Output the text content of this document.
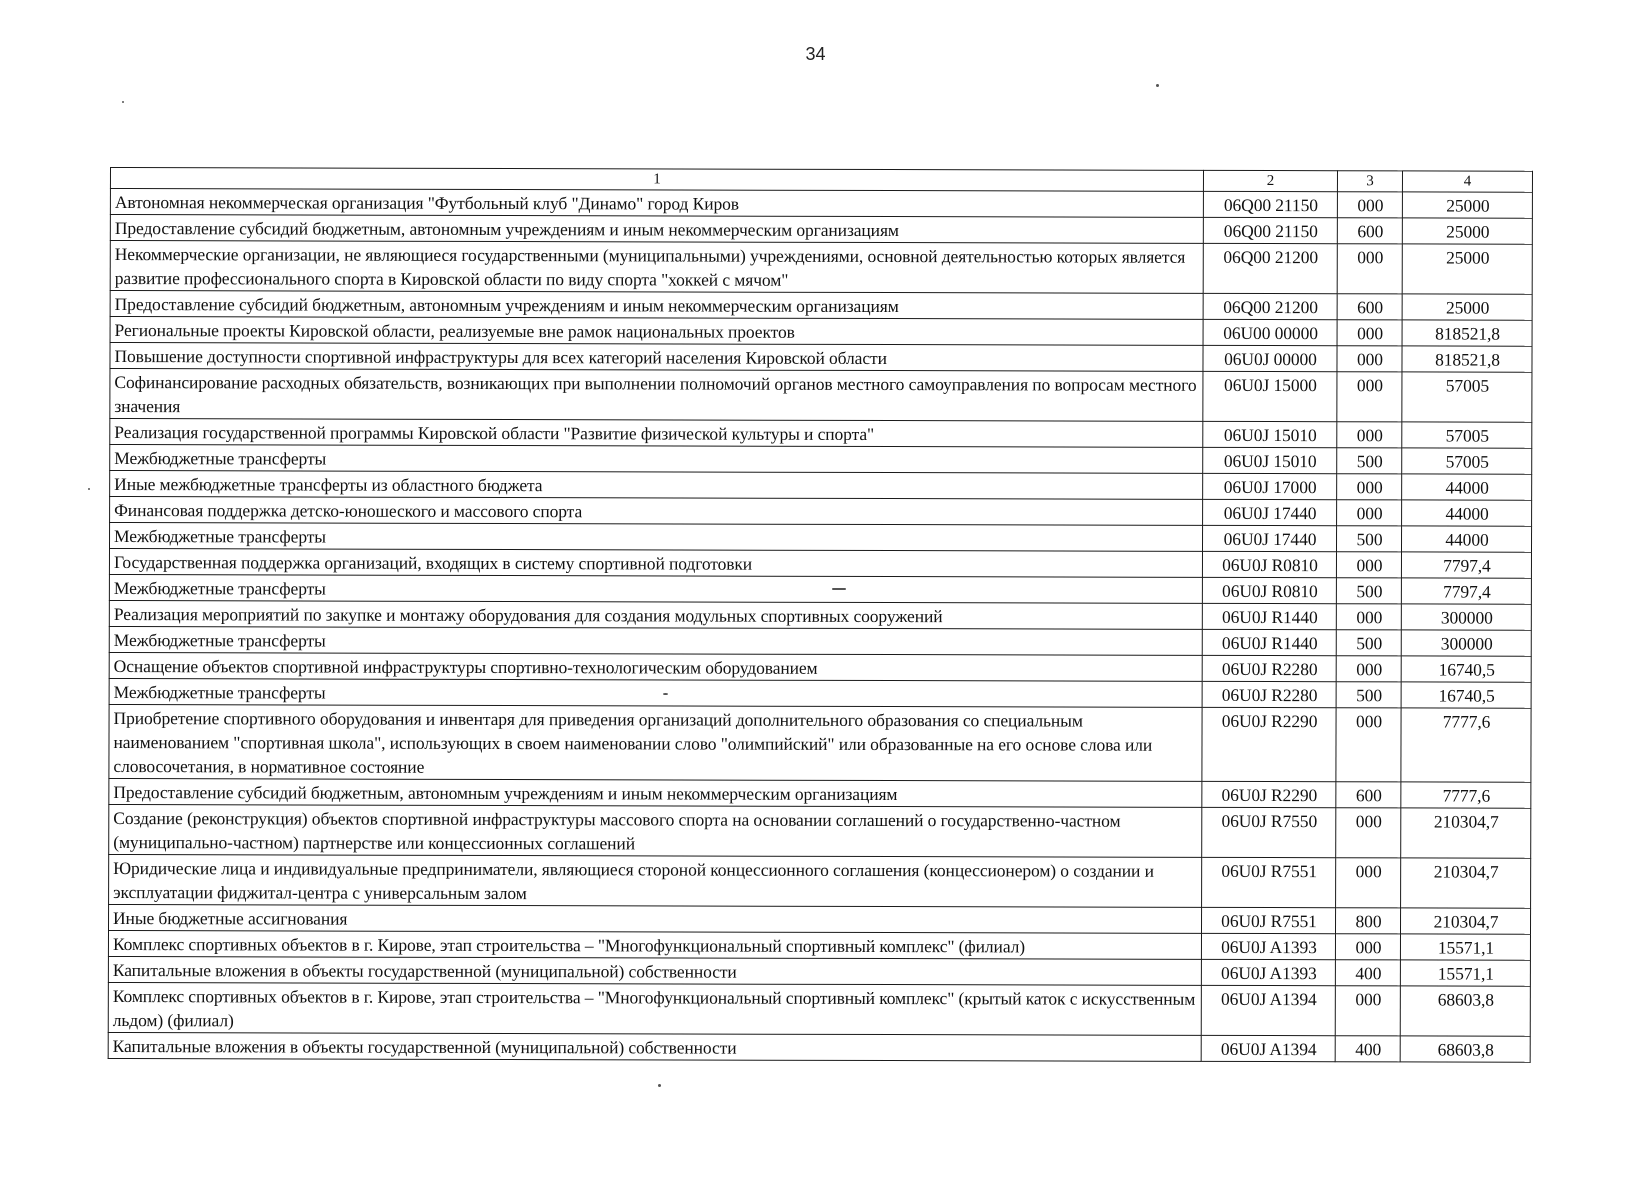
34
1	2	3	4
Автономная некоммерческая организация "Футбольный клуб "Динамо" город Киров	06Q00 21150	000	25000
Предоставление субсидий бюджетным, автономным учреждениям и иным некоммерческим организациям	06Q00 21150	600	25000
Некоммерческие организации, не являющиеся государственными (муниципальными) учреждениями, основной деятельностью которых является развитие профессионального спорта в Кировской области по виду спорта "хоккей с мячом"	06Q00 21200	000	25000
Предоставление субсидий бюджетным, автономным учреждениям и иным некоммерческим организациям	06Q00 21200	600	25000
Региональные проекты Кировской области, реализуемые вне рамок национальных проектов	06U00 00000	000	818521,8
Повышение доступности спортивной инфраструктуры для всех категорий населения Кировской области	06U0J 00000	000	818521,8
Софинансирование расходных обязательств, возникающих при выполнении полномочий органов местного самоуправления по вопросам местного значения	06U0J 15000	000	57005
Реализация государственной программы Кировской области "Развитие физической культуры и спорта"	06U0J 15010	000	57005
Межбюджетные трансферты	06U0J 15010	500	57005
Иные межбюджетные трансферты из областного бюджета	06U0J 17000	000	44000
Финансовая поддержка детско-юношеского и массового спорта	06U0J 17440	000	44000
Межбюджетные трансферты	06U0J 17440	500	44000
Государственная поддержка организаций, входящих в систему спортивной подготовки	06U0J R0810	000	7797,4
Межбюджетные трансферты	06U0J R0810	500	7797,4
Реализация мероприятий по закупке и монтажу оборудования для создания модульных спортивных сооружений	06U0J R1440	000	300000
Межбюджетные трансферты	06U0J R1440	500	300000
Оснащение объектов спортивной инфраструктуры спортивно-технологическим оборудованием	06U0J R2280	000	16740,5
Межбюджетные трансферты	06U0J R2280	500	16740,5
Приобретение спортивного оборудования и инвентаря для приведения организаций дополнительного образования со специальным наименованием "спортивная школа", использующих в своем наименовании слово "олимпийский" или образованные на его основе слова или словосочетания, в нормативное состояние	06U0J R2290	000	7777,6
Предоставление субсидий бюджетным, автономным учреждениям и иным некоммерческим организациям	06U0J R2290	600	7777,6
Создание (реконструкция) объектов спортивной инфраструктуры массового спорта на основании соглашений о государственно-частном (муниципально-частном) партнерстве или концессионных соглашений	06U0J R7550	000	210304,7
Юридические лица и индивидуальные предприниматели, являющиеся стороной концессионного соглашения (концессионером) о создании и эксплуатации фиджитал-центра с универсальным залом	06U0J R7551	000	210304,7
Иные бюджетные ассигнования	06U0J R7551	800	210304,7
Комплекс спортивных объектов в г. Кирове, этап строительства – "Многофункциональный спортивный комплекс" (филиал)	06U0J A1393	000	15571,1
Капитальные вложения в объекты государственной (муниципальной) собственности	06U0J A1393	400	15571,1
Комплекс спортивных объектов в г. Кирове, этап строительства – "Многофункциональный спортивный комплекс" (крытый каток с искусственным льдом) (филиал)	06U0J A1394	000	68603,8
Капитальные вложения в объекты государственной (муниципальной) собственности	06U0J A1394	400	68603,8
